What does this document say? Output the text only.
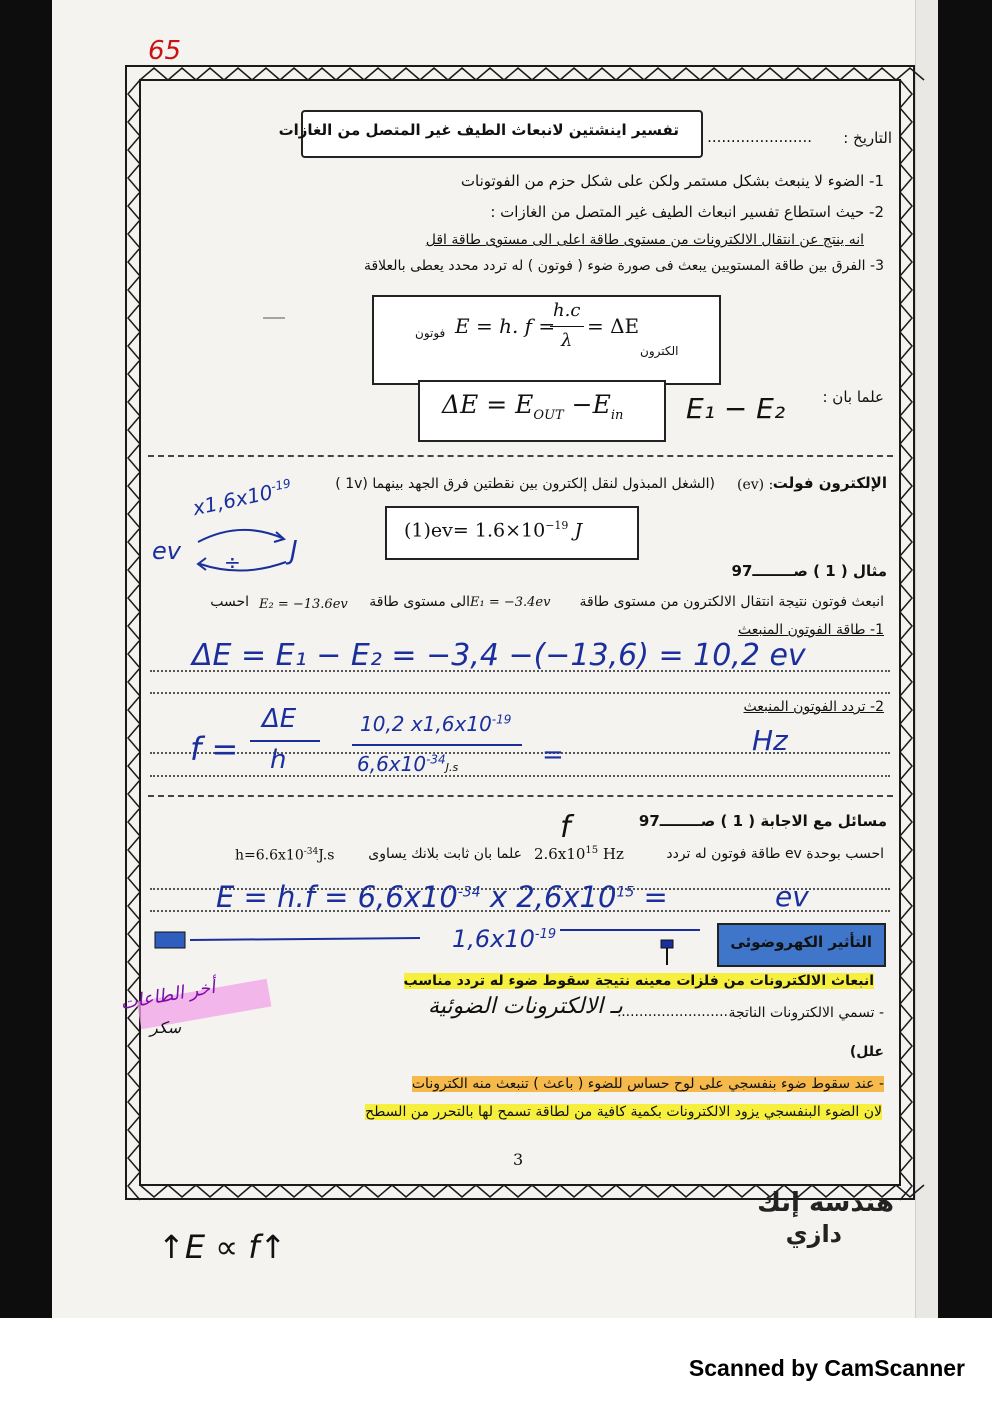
65
تفسير اينشتين لانبعاث الطيف غير المتصل من الغازات	التاريخ :
......................
1- الضوء لا ينبعث بشكل مستمر ولكن على شكل حزم من الفوتونات
2- حيث استطاع تفسير انبعاث الطيف غير المتصل من الغازات :
انه ينتج عن انتقال الالكترونات من مستوى طاقة اعلى الى مستوى طاقة اقل
3- الفرق بين طاقة المستويين يبعث فى صورة ضوء ( فوتون ) له تردد محدد يعطى بالعلاقة
فوتون E = h. f =
h.c
λ
= ΔE
الكترون
علما بان :
$\Delta E = E_{OUT} -E_{in}$ E₁ − E₂
الإلكترون فولت
(ev) :
(الشغل المبذول لنقل إلكترون بين نقطتين فرق الجهد بينهما (1v )
$(1)ev= 1.6\times 10^{-19}$ J
$x1,6x10^{-19}$
ev ÷ J
مثال ( 1 ) صــــــــ97
انبعث فوتون نتيجة انتقال الالكترون من مستوى طاقة
E₁ = −3.4ev
الى مستوى طاقة
E₂ = −13.6ev
احسب
1- طاقة الفوتون المنبعث
ΔE = E₁ − E₂ = −3,4 −(−13,6) = 10,2 ev
2- تردد الفوتون المنبعث
f =
ΔE
h
10,2 $x1,6x10^{-19}$
$6,6x10^{-34}J.s$	=	Hz
مسائل مع الاجابة ( 1 ) صــــــــ97
احسب بوحدة ev طاقة فوتون له تردد
$2.6x10^{15}$ Hz
علما بان ثابت بلانك يساوى
$h=6.6x10^{-34}J.s$
f
$E = h.f = 6,6x10^{-34}$ x $2,6x10^{15}$ =	ev
$1,6x10^{-19}$	التأثير الكهروضوئى
انبعاث الالكترونات من فلزات معينه نتيجة سقوط ضوء له تردد مناسب
- تسمي الالكترونات الناتجة
........................
بـ الالكترونات الضوئية
أخر الطاعات
سكر
علل)
- عند سقوط ضوء بنفسجي على لوح حساس للضوء ( باعث ) تنبعث منه الكترونات
لان الضوء البنفسجي يزود الالكترونات بكمية كافية من لطاقة تسمح لها بالتحرر من السطح
3
هندسه إنك
دازي
↑E ∝ f↑
Scanned by CamScanner
